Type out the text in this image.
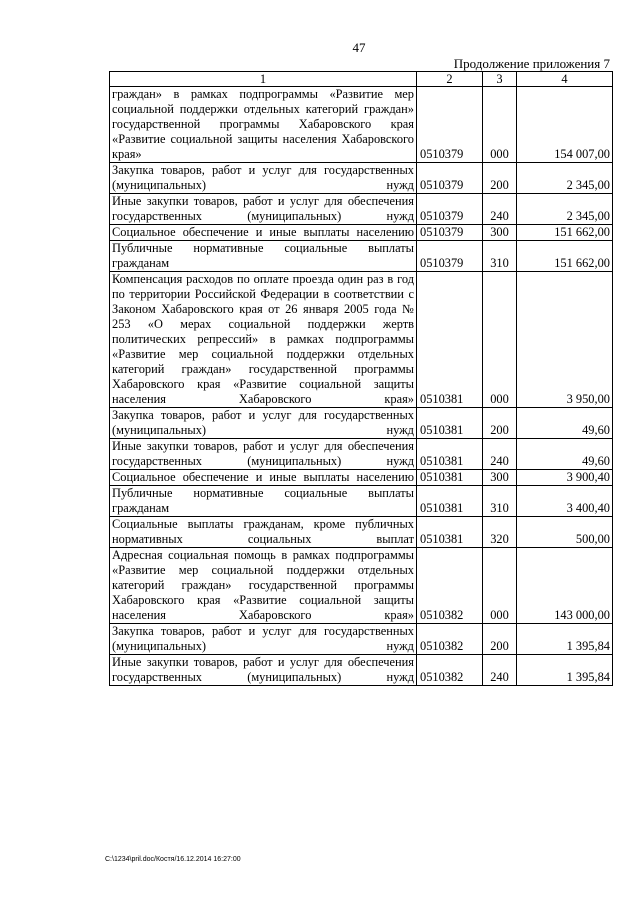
47
Продолжение приложения 7
1	2	3	4
граждан» в рамках подпрограммы «Развитие мер социальной поддержки отдельных категорий граждан» государственной программы Хабаровского края «Развитие социальной защиты населения Хабаровского края»	0510379	000	154 007,00
Закупка товаров, работ и услуг для государственных (муниципальных) нужд	0510379	200	2 345,00
Иные закупки товаров, работ и услуг для обеспечения государственных (муниципальных) нужд	0510379	240	2 345,00
Социальное обеспечение и иные выплаты населению	0510379	300	151 662,00
Публичные нормативные социальные выплаты гражданам	0510379	310	151 662,00
Компенсация расходов по оплате проезда один раз в год по территории Российской Федерации в соответствии с Законом Хабаровского края от 26 января 2005 года № 253 «О мерах социальной поддержки жертв политических репрессий» в рамках подпрограммы «Развитие мер социальной поддержки отдельных категорий граждан» государственной программы Хабаровского края «Развитие социальной защиты населения Хабаровского края»	0510381	000	3 950,00
Закупка товаров, работ и услуг для государственных (муниципальных) нужд	0510381	200	49,60
Иные закупки товаров, работ и услуг для обеспечения государственных (муниципальных) нужд	0510381	240	49,60
Социальное обеспечение и иные выплаты населению	0510381	300	3 900,40
Публичные нормативные социальные выплаты гражданам	0510381	310	3 400,40
Социальные выплаты гражданам, кроме публичных нормативных социальных выплат	0510381	320	500,00
Адресная социальная помощь в рамках подпрограммы «Развитие мер социальной поддержки отдельных категорий граждан» государственной программы Хабаровского края «Развитие социальной защиты населения Хабаровского края»	0510382	000	143 000,00
Закупка товаров, работ и услуг для государственных (муниципальных) нужд	0510382	200	1 395,84
Иные закупки товаров, работ и услуг для обеспечения государственных (муниципальных) нужд	0510382	240	1 395,84
C:\1234\pril.doc/Костя/16.12.2014 16:27:00
